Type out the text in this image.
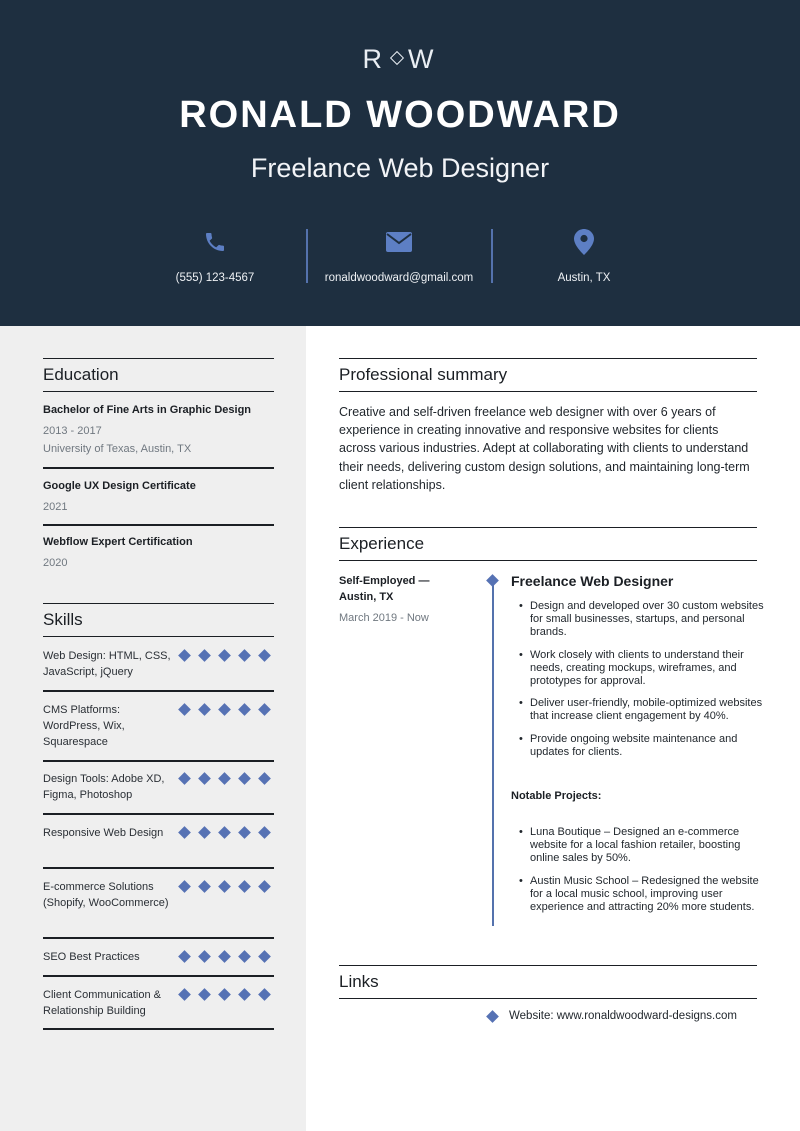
R W
RONALD WOODWARD
Freelance Web Designer
(555) 123-4567	ronaldwoodward@gmail.com	Austin, TX
Education
Bachelor of Fine Arts in Graphic Design
2013 - 2017
University of Texas, Austin, TX
Google UX Design Certificate
2021
Webflow Expert Certification
2020
Skills
Web Design: HTML, CSS, JavaScript, jQuery
CMS Platforms: WordPress, Wix, Squarespace
Design Tools: Adobe XD, Figma, Photoshop
Responsive Web Design
E-commerce Solutions (Shopify, WooCommerce)
SEO Best Practices
Client Communication & Relationship Building
Professional summary
Creative and self-driven freelance web designer with over 6 years of experience in creating innovative and responsive websites for clients across various industries. Adept at collaborating with clients to understand their needs, delivering custom design solutions, and maintaining long-term client relationships.
Experience
Self-Employed — Austin, TX
March 2019 - Now
Freelance Web Designer
• Design and developed over 30 custom websites for small businesses, startups, and personal brands.
• Work closely with clients to understand their needs, creating mockups, wireframes, and prototypes for approval.
• Deliver user-friendly, mobile-optimized websites that increase client engagement by 40%.
• Provide ongoing website maintenance and updates for clients.
Notable Projects:
• Luna Boutique – Designed an e-commerce website for a local fashion retailer, boosting online sales by 50%.
• Austin Music School – Redesigned the website for a local music school, improving user experience and attracting 20% more students.
Links
Website: www.ronaldwoodward-designs.com
